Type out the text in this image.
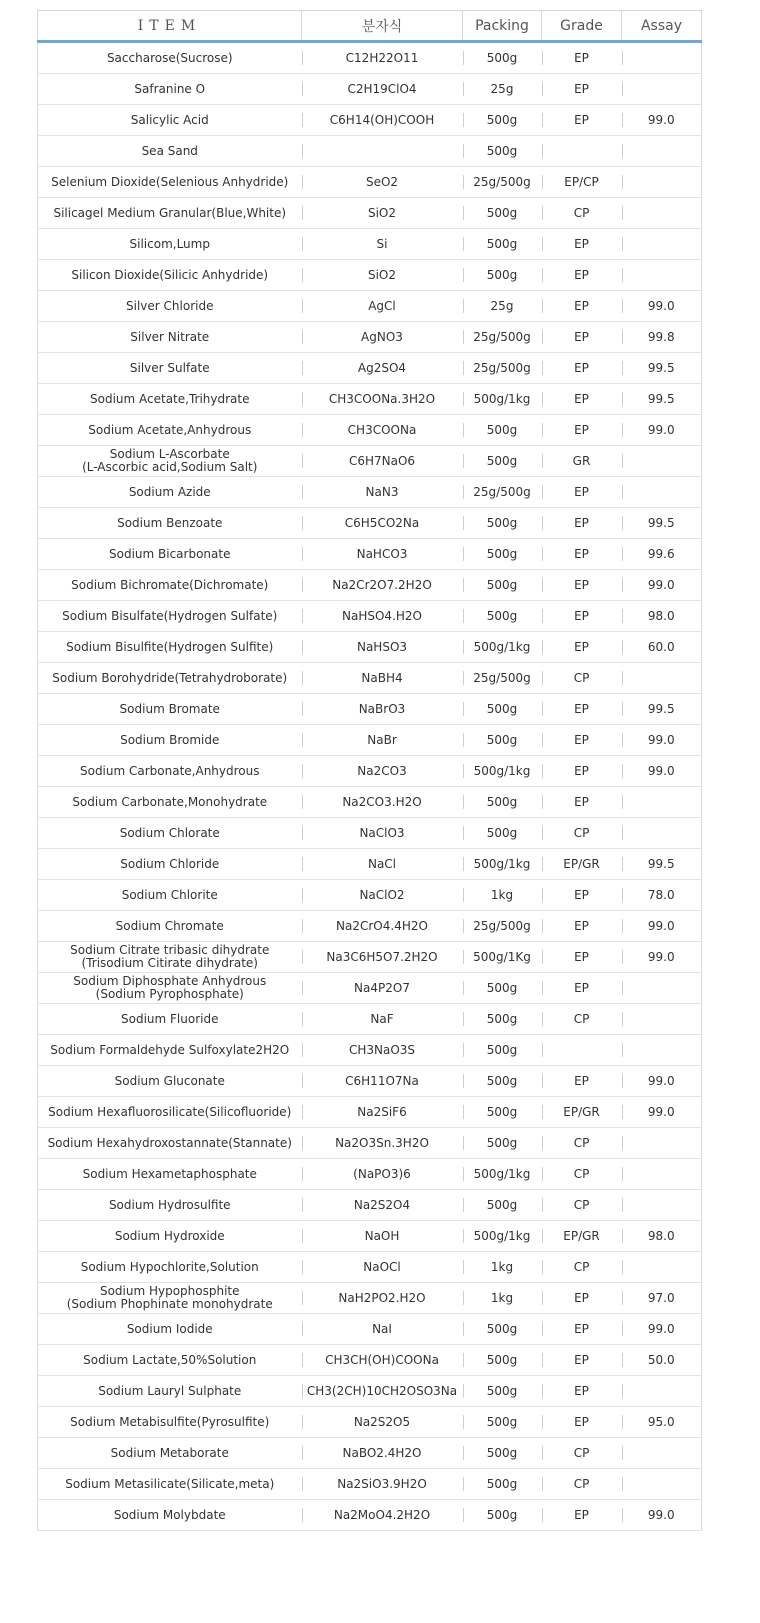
ITEM	분자식	Packing	Grade	Assay
Saccharose(Sucrose)	C12H22O11	500g	EP	
Safranine O	C2H19ClO4	25g	EP	
Salicylic Acid	C6H14(OH)COOH	500g	EP	99.0
Sea Sand		500g		
Selenium Dioxide(Selenious Anhydride)	SeO2	25g/500g	EP/CP	
Silicagel Medium Granular(Blue,White)	SiO2	500g	CP	
Silicom,Lump	Si	500g	EP	
Silicon Dioxide(Silicic Anhydride)	SiO2	500g	EP	
Silver Chloride	AgCl	25g	EP	99.0
Silver Nitrate	AgNO3	25g/500g	EP	99.8
Silver Sulfate	Ag2SO4	25g/500g	EP	99.5
Sodium Acetate,Trihydrate	CH3COONa.3H2O	500g/1kg	EP	99.5
Sodium Acetate,Anhydrous	CH3COONa	500g	EP	99.0
Sodium L-Ascorbate
(L-Ascorbic acid,Sodium Salt)	C6H7NaO6	500g	GR	
Sodium Azide	NaN3	25g/500g	EP	
Sodium Benzoate	C6H5CO2Na	500g	EP	99.5
Sodium Bicarbonate	NaHCO3	500g	EP	99.6
Sodium Bichromate(Dichromate)	Na2Cr2O7.2H2O	500g	EP	99.0
Sodium Bisulfate(Hydrogen Sulfate)	NaHSO4.H2O	500g	EP	98.0
Sodium Bisulfite(Hydrogen Sulfite)	NaHSO3	500g/1kg	EP	60.0
Sodium Borohydride(Tetrahydroborate)	NaBH4	25g/500g	CP	
Sodium Bromate	NaBrO3	500g	EP	99.5
Sodium Bromide	NaBr	500g	EP	99.0
Sodium Carbonate,Anhydrous	Na2CO3	500g/1kg	EP	99.0
Sodium Carbonate,Monohydrate	Na2CO3.H2O	500g	EP	
Sodium Chlorate	NaClO3	500g	CP	
Sodium Chloride	NaCl	500g/1kg	EP/GR	99.5
Sodium Chlorite	NaClO2	1kg	EP	78.0
Sodium Chromate	Na2CrO4.4H2O	25g/500g	EP	99.0
Sodium Citrate tribasic dihydrate
(Trisodium Citirate dihydrate)	Na3C6H5O7.2H2O	500g/1Kg	EP	99.0
Sodium Diphosphate Anhydrous
(Sodium Pyrophosphate)	Na4P2O7	500g	EP	
Sodium Fluoride	NaF	500g	CP	
Sodium Formaldehyde Sulfoxylate2H2O	CH3NaO3S	500g		
Sodium Gluconate	C6H11O7Na	500g	EP	99.0
Sodium Hexafluorosilicate(Silicofluoride)	Na2SiF6	500g	EP/GR	99.0
Sodium Hexahydroxostannate(Stannate)	Na2O3Sn.3H2O	500g	CP	
Sodium Hexametaphosphate	(NaPO3)6	500g/1kg	CP	
Sodium Hydrosulfite	Na2S2O4	500g	CP	
Sodium Hydroxide	NaOH	500g/1kg	EP/GR	98.0
Sodium Hypochlorite,Solution	NaOCl	1kg	CP	
Sodium Hypophosphite
(Sodium Phophinate monohydrate	NaH2PO2.H2O	1kg	EP	97.0
Sodium Iodide	NaI	500g	EP	99.0
Sodium Lactate,50%Solution	CH3CH(OH)COONa	500g	EP	50.0
Sodium Lauryl Sulphate	CH3(2CH)10CH2OSO3Na	500g	EP	
Sodium Metabisulfite(Pyrosulfite)	Na2S2O5	500g	EP	95.0
Sodium Metaborate	NaBO2.4H2O	500g	CP	
Sodium Metasilicate(Silicate,meta)	Na2SiO3.9H2O	500g	CP	
Sodium Molybdate	Na2MoO4.2H2O	500g	EP	99.0
